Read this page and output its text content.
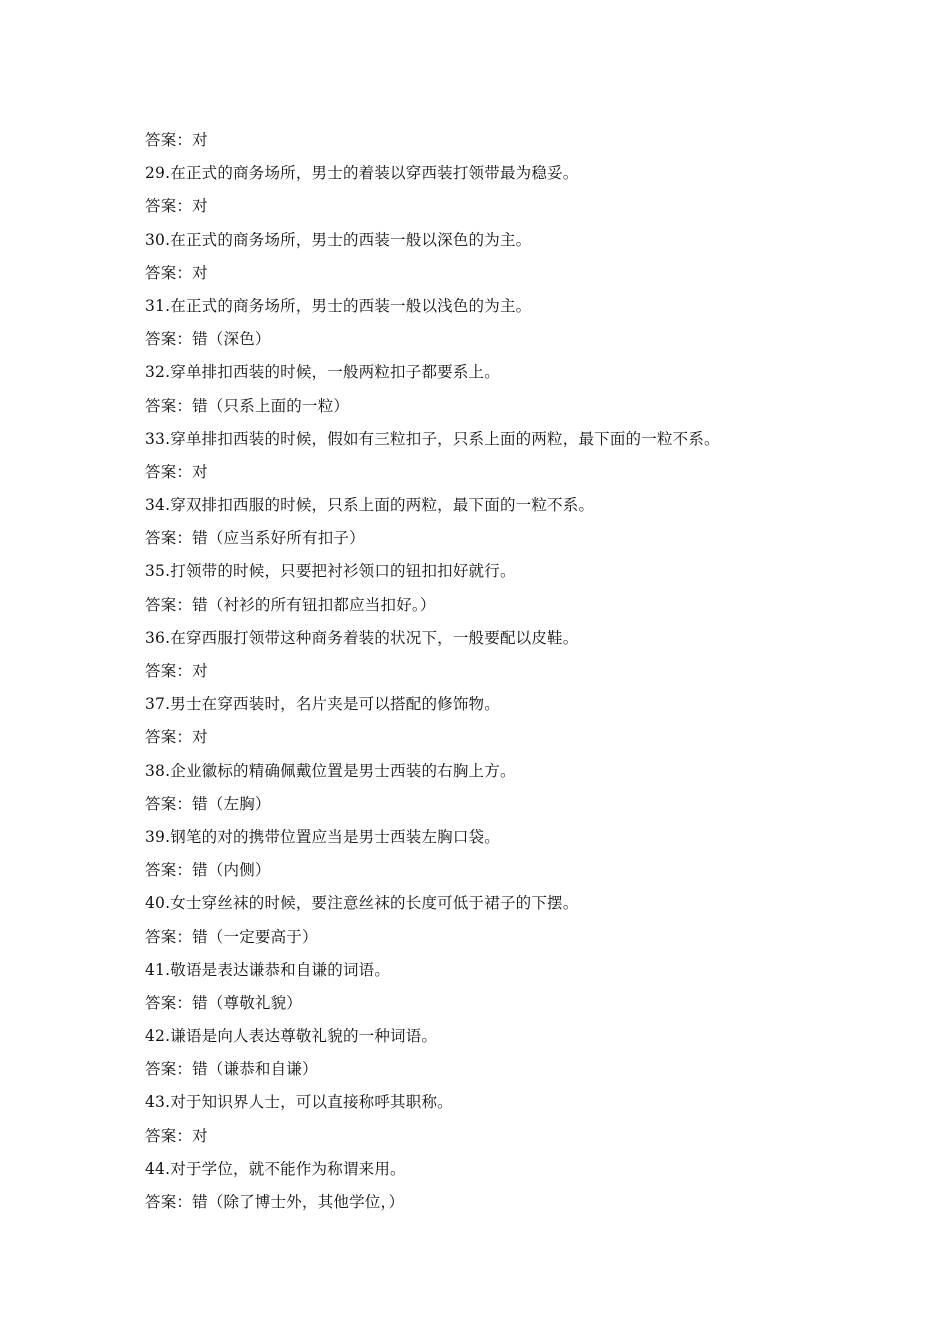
答案：对
29.在正式的商务场所，男士的着装以穿西装打领带最为稳妥。
答案：对
30.在正式的商务场所，男士的西装一般以深色的为主。
答案：对
31.在正式的商务场所，男士的西装一般以浅色的为主。
答案：错（深色）
32.穿单排扣西装的时候，一般两粒扣子都要系上。
答案：错（只系上面的一粒）
33.穿单排扣西装的时候，假如有三粒扣子，只系上面的两粒，最下面的一粒不系。
答案：对
34.穿双排扣西服的时候，只系上面的两粒，最下面的一粒不系。
答案：错（应当系好所有扣子）
35.打领带的时候，只要把衬衫领口的钮扣扣好就行。
答案：错（衬衫的所有钮扣都应当扣好。）
36.在穿西服打领带这种商务着装的状况下，一般要配以皮鞋。
答案：对
37.男士在穿西装时，名片夹是可以搭配的修饰物。
答案：对
38.企业徽标的精确佩戴位置是男士西装的右胸上方。
答案：错（左胸）
39.钢笔的对的携带位置应当是男士西装左胸口袋。
答案：错（内侧）
40.女士穿丝袜的时候，要注意丝袜的长度可低于裙子的下摆。
答案：错（一定要高于）
41.敬语是表达谦恭和自谦的词语。
答案：错（尊敬礼貌）
42.谦语是向人表达尊敬礼貌的一种词语。
答案：错（谦恭和自谦）
43.对于知识界人士，可以直接称呼其职称。
答案：对
44.对于学位，就不能作为称谓来用。
答案：错（除了博士外，其他学位，）
